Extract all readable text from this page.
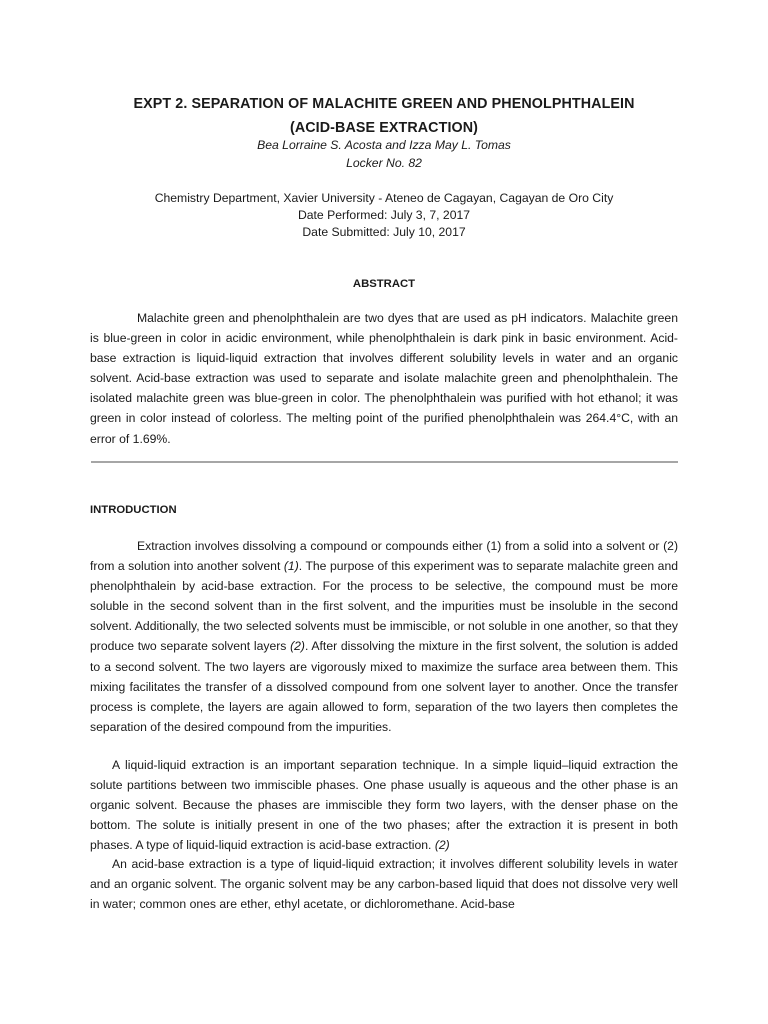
EXPT 2. SEPARATION OF MALACHITE GREEN AND PHENOLPHTHALEIN
(ACID-BASE EXTRACTION)
Bea Lorraine S. Acosta and Izza May L. Tomas
Locker No. 82
Chemistry Department, Xavier University - Ateneo de Cagayan, Cagayan de Oro City
Date Performed: July 3, 7, 2017
Date Submitted: July 10, 2017
ABSTRACT

Malachite green and phenolphthalein are two dyes that are used as pH indicators. Malachite green is blue-green in color in acidic environment, while phenolphthalein is dark pink in basic environment. Acid-base extraction is liquid-liquid extraction that involves different solubility levels in water and an organic solvent. Acid-base extraction was used to separate and isolate malachite green and phenolphthalein. The isolated malachite green was blue-green in color. The phenolphthalein was purified with hot ethanol; it was green in color instead of colorless. The melting point of the purified phenolphthalein was 264.4°C, with an error of 1.69%.

INTRODUCTION

Extraction involves dissolving a compound or compounds either (1) from a solid into a solvent or (2) from a solution into another solvent (1). The purpose of this experiment was to separate malachite green and phenolphthalein by acid-base extraction. For the process to be selective, the compound must be more soluble in the second solvent than in the first solvent, and the impurities must be insoluble in the second solvent. Additionally, the two selected solvents must be immiscible, or not soluble in one another, so that they produce two separate solvent layers (2). After dissolving the mixture in the first solvent, the solution is added to a second solvent. The two layers are vigorously mixed to maximize the surface area between them. This mixing facilitates the transfer of a dissolved compound from one solvent layer to another. Once the transfer process is complete, the layers are again allowed to form, separation of the two layers then completes the separation of the desired compound from the impurities.

A liquid-liquid extraction is an important separation technique. In a simple liquid–liquid extraction the solute partitions between two immiscible phases. One phase usually is aqueous and the other phase is an organic solvent. Because the phases are immiscible they form two layers, with the denser phase on the bottom. The solute is initially present in one of the two phases; after the extraction it is present in both phases. A type of liquid-liquid extraction is acid-base extraction. (2)

An acid-base extraction is a type of liquid-liquid extraction; it involves different solubility levels in water and an organic solvent. The organic solvent may be any carbon-based liquid that does not dissolve very well in water; common ones are ether, ethyl acetate, or dichloromethane. Acid-base
